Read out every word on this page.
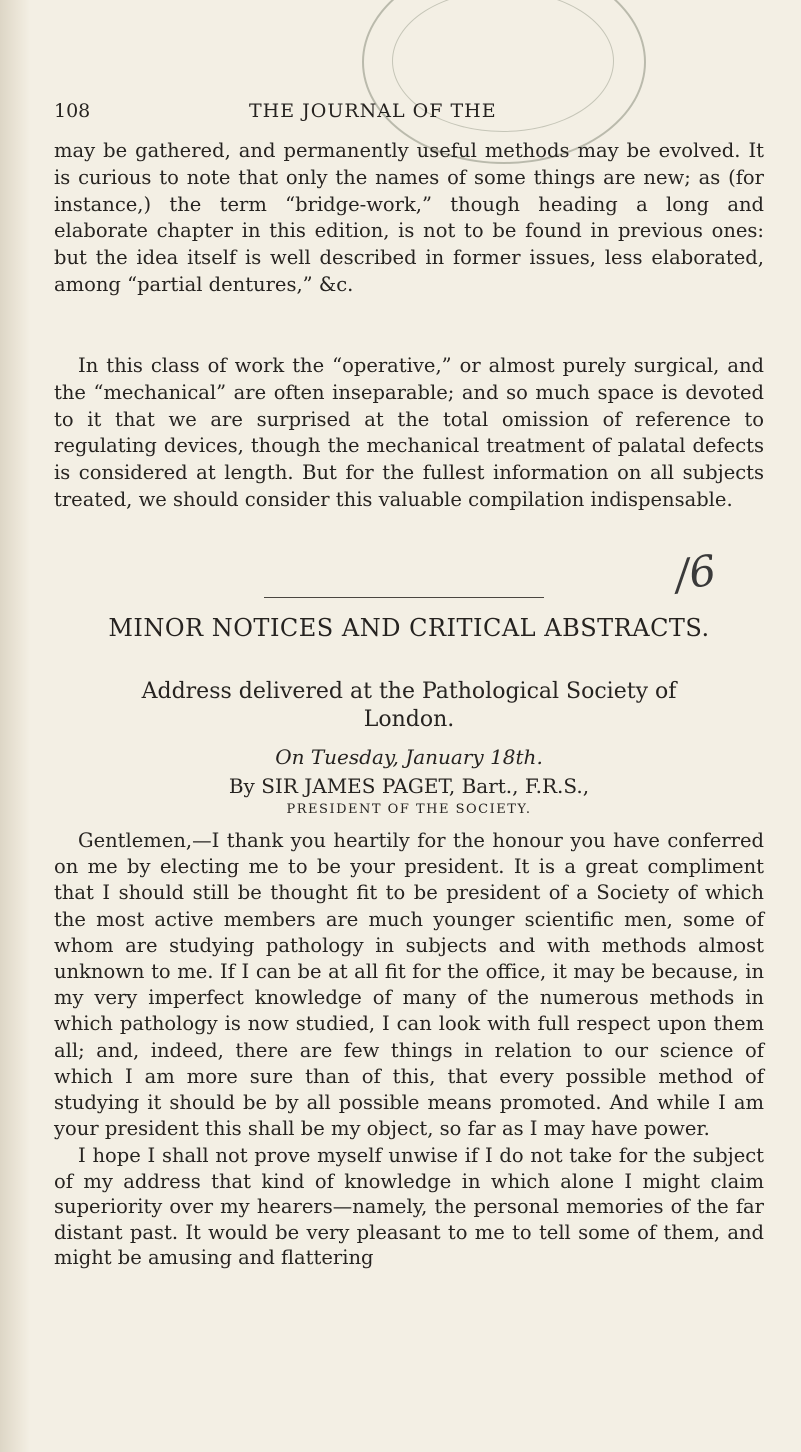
108	THE JOURNAL OF THE
may be gathered, and permanently useful methods may be evolved. It is curious to note that only the names of some things are new; as (for instance,) the term “bridge-work,” though heading a long and elaborate chapter in this edition, is not to be found in previous ones: but the idea itself is well described in former issues, less elaborated, among “partial dentures,” &c.
In this class of work the “operative,” or almost purely surgical, and the “mechanical” are often inseparable; and so much space is devoted to it that we are surprised at the total omission of reference to regulating devices, though the mechanical treatment of palatal defects is considered at length. But for the fullest information on all subjects treated, we should consider this valuable compilation indispensable.
/6
MINOR NOTICES AND CRITICAL ABSTRACTS.
Address delivered at the Pathological Society of
London.
On Tuesday, January 18th.
By SIR JAMES PAGET, Bart., F.R.S.,
PRESIDENT OF THE SOCIETY.
Gentlemen,—I thank you heartily for the honour you have conferred on me by electing me to be your president. It is a great compliment that I should still be thought fit to be president of a Society of which the most active members are much younger scientific men, some of whom are studying pathology in subjects and with methods almost unknown to me. If I can be at all fit for the office, it may be because, in my very imperfect knowledge of many of the numerous methods in which pathology is now studied, I can look with full respect upon them all; and, indeed, there are few things in relation to our science of which I am more sure than of this, that every possible method of studying it should be by all possible means promoted. And while I am your president this shall be my object, so far as I may have power.
I hope I shall not prove myself unwise if I do not take for the subject of my address that kind of knowledge in which alone I might claim superiority over my hearers—namely, the personal memories of the far distant past. It would be very pleasant to me to tell some of them, and might be amusing and flattering
